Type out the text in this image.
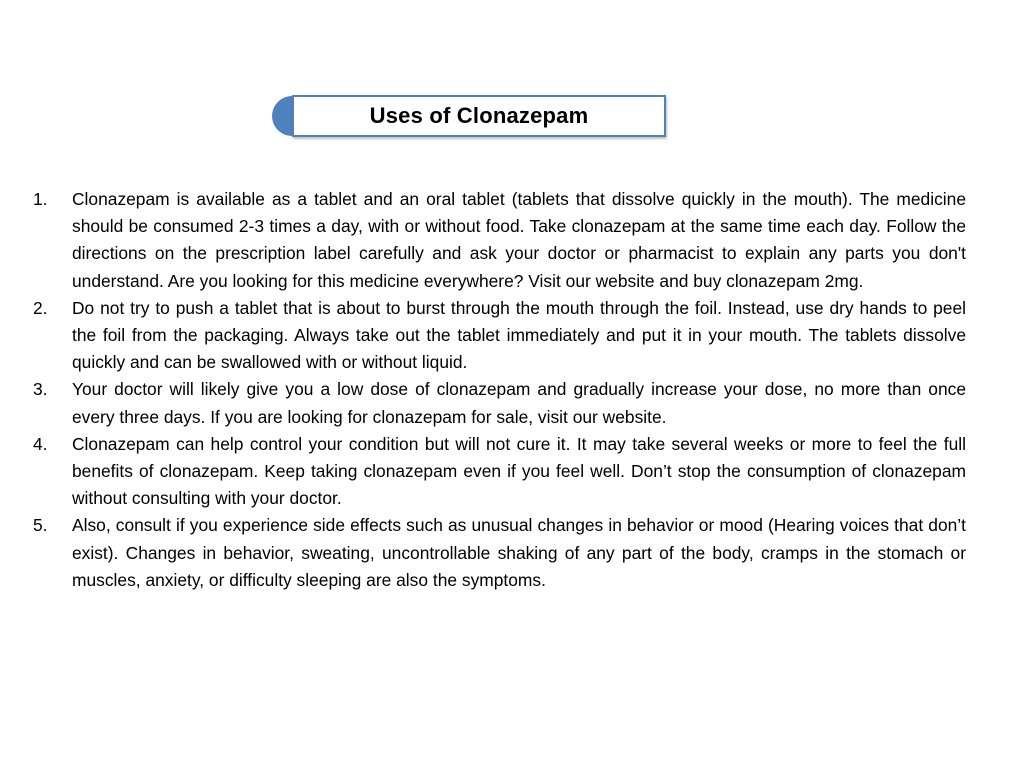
Uses of Clonazepam
1.	Clonazepam is available as a tablet and an oral tablet (tablets that dissolve quickly in the mouth). The medicine should be consumed 2-3 times a day, with or without food. Take clonazepam at the same time each day. Follow the directions on the prescription label carefully and ask your doctor or pharmacist to explain any parts you don't understand. Are you looking for this medicine everywhere? Visit our website and buy clonazepam 2mg.
2.	Do not try to push a tablet that is about to burst through the mouth through the foil. Instead, use dry hands to peel the foil from the packaging. Always take out the tablet immediately and put it in your mouth. The tablets dissolve quickly and can be swallowed with or without liquid.
3.	Your doctor will likely give you a low dose of clonazepam and gradually increase your dose, no more than once every three days. If you are looking for clonazepam for sale, visit our website.
4.	Clonazepam can help control your condition but will not cure it. It may take several weeks or more to feel the full benefits of clonazepam. Keep taking clonazepam even if you feel well. Don’t stop the consumption of clonazepam without consulting with your doctor.
5.	Also, consult if you experience side effects such as unusual changes in behavior or mood (Hearing voices that don’t exist). Changes in behavior, sweating, uncontrollable shaking of any part of the body, cramps in the stomach or muscles, anxiety, or difficulty sleeping are also the symptoms.
